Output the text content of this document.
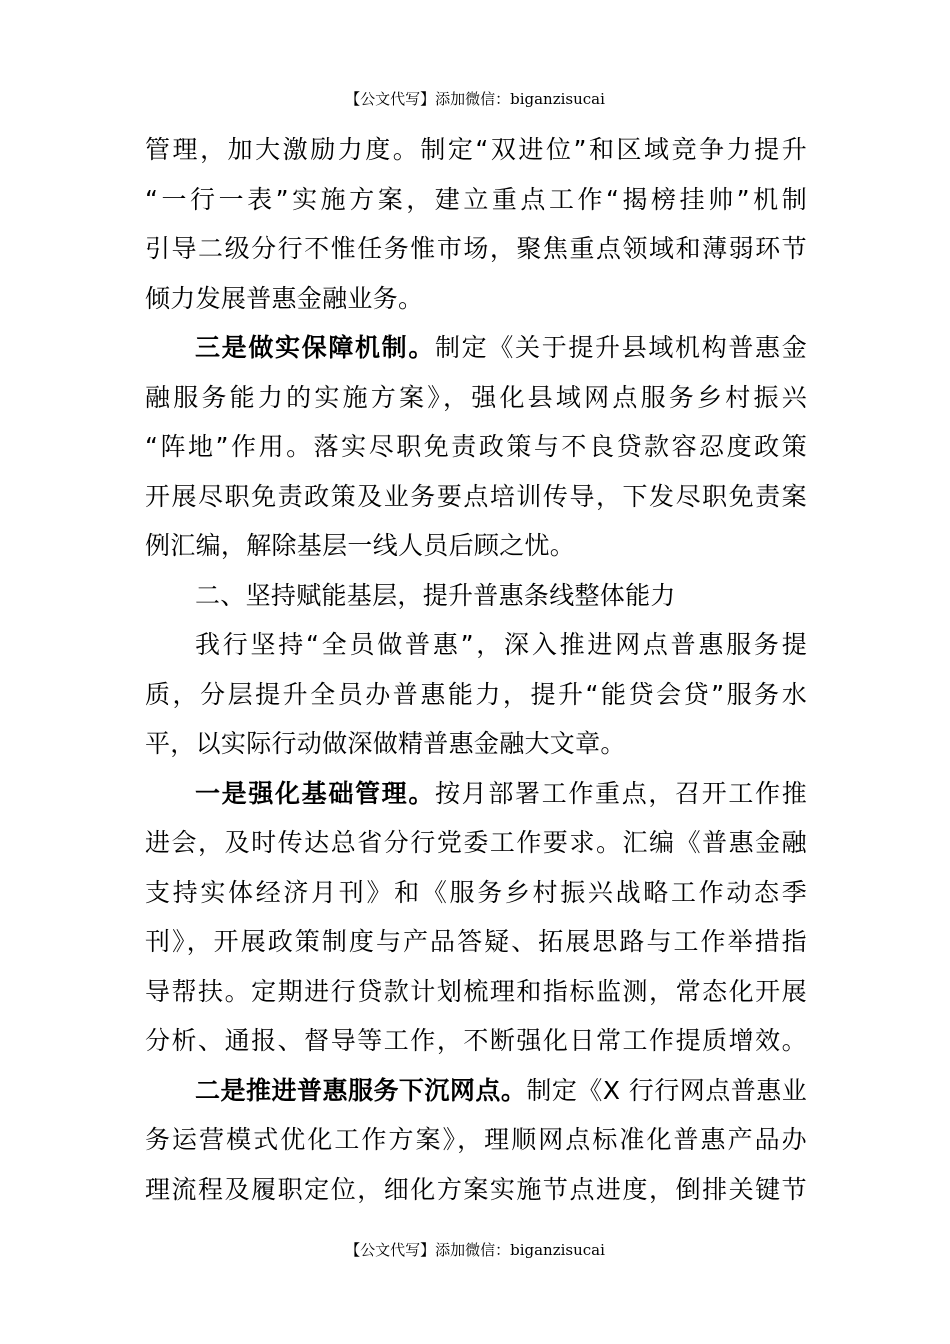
【公文代写】添加微信：biganzisucai
管理，加大激励力度。制定“双进位”和区域竞争力提升
“一行一表”实施方案，建立重点工作“揭榜挂帅”机制
引导二级分行不惟任务惟市场，聚焦重点领域和薄弱环节
倾力发展普惠金融业务。
三是做实保障机制。制定《关于提升县域机构普惠金
融服务能力的实施方案》，强化县域网点服务乡村振兴
“阵地”作用。落实尽职免责政策与不良贷款容忍度政策
开展尽职免责政策及业务要点培训传导，下发尽职免责案
例汇编，解除基层一线人员后顾之忧。
二、坚持赋能基层，提升普惠条线整体能力
我行坚持“全员做普惠”，深入推进网点普惠服务提
质，分层提升全员办普惠能力，提升“能贷会贷”服务水
平，以实际行动做深做精普惠金融大文章。
一是强化基础管理。按月部署工作重点，召开工作推
进会，及时传达总省分行党委工作要求。汇编《普惠金融
支持实体经济月刊》和《服务乡村振兴战略工作动态季
刊》，开展政策制度与产品答疑、拓展思路与工作举措指
导帮扶。定期进行贷款计划梳理和指标监测，常态化开展
分析、通报、督导等工作，不断强化日常工作提质增效。
二是推进普惠服务下沉网点。制定《X 行行网点普惠业
务运营模式优化工作方案》，理顺网点标准化普惠产品办
理流程及履职定位，细化方案实施节点进度，倒排关键节
【公文代写】添加微信：biganzisucai
